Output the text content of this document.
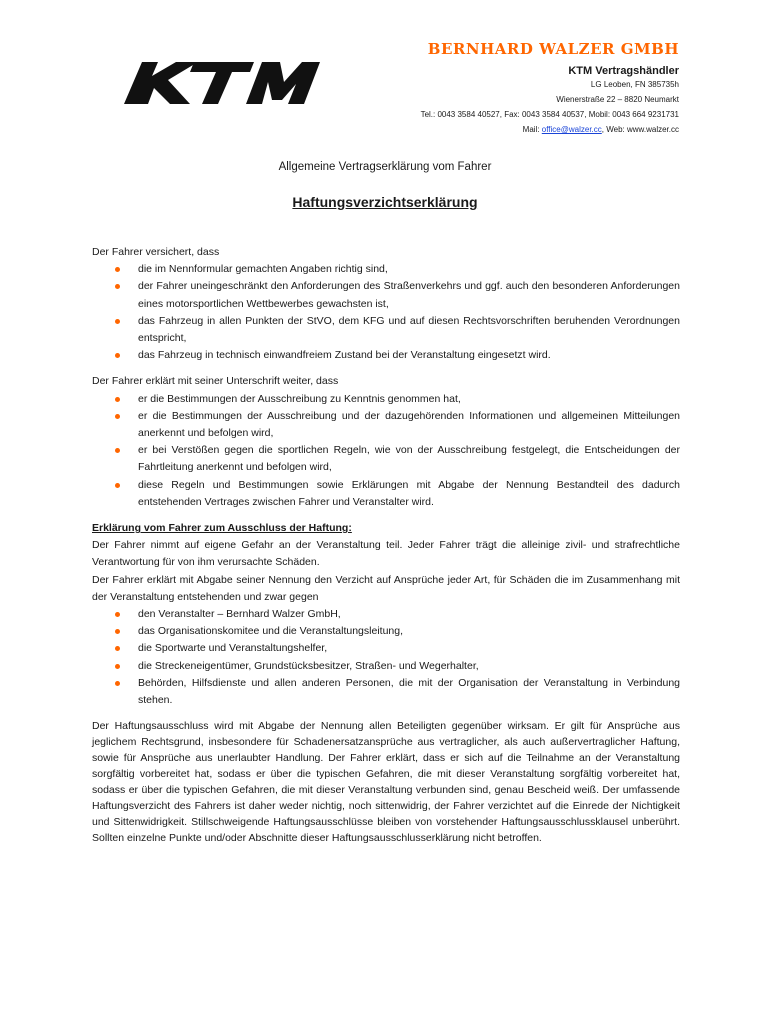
BERNHARD WALZER GMBH
KTM Vertragshändler
LG Leoben, FN 385735h
Wienerstraße 22 – 8820 Neumarkt
Tel.: 0043 3584 40527, Fax: 0043 3584 40537, Mobil: 0043 664 9231731
Mail: office@walzer.cc, Web: www.walzer.cc
Allgemeine Vertragserklärung vom Fahrer
Haftungsverzichtserklärung

Der Fahrer versichert, dass

die im Nennformular gemachten Angaben richtig sind,
der Fahrer uneingeschränkt den Anforderungen des Straßenverkehrs und ggf. auch den besonderen Anforderungen eines motorsportlichen Wettbewerbes gewachsten ist,
das Fahrzeug in allen Punkten der StVO, dem KFG und auf diesen Rechtsvorschriften beruhenden Verordnungen entspricht,
das Fahrzeug in technisch einwandfreiem Zustand bei der Veranstaltung eingesetzt wird.

Der Fahrer erklärt mit seiner Unterschrift weiter, dass

er die Bestimmungen der Ausschreibung zu Kenntnis genommen hat,
er die Bestimmungen der Ausschreibung und der dazugehörenden Informationen und allgemeinen Mitteilungen anerkennt und befolgen wird,
er bei Verstößen gegen die sportlichen Regeln, wie von der Ausschreibung festgelegt, die Entscheidungen der Fahrtleitung anerkennt und befolgen wird,
diese Regeln und Bestimmungen sowie Erklärungen mit Abgabe der Nennung Bestandteil des dadurch entstehenden Vertrages zwischen Fahrer und Veranstalter wird.

Erklärung vom Fahrer zum Ausschluss der Haftung:

Der Fahrer nimmt auf eigene Gefahr an der Veranstaltung teil. Jeder Fahrer trägt die alleinige zivil- und strafrechtliche Verantwortung für von ihm verursachte Schäden.

Der Fahrer erklärt mit Abgabe seiner Nennung den Verzicht auf Ansprüche jeder Art, für Schäden die im Zusammenhang mit der Veranstaltung entstehenden und zwar gegen

den Veranstalter – Bernhard Walzer GmbH,
das Organisationskomitee und die Veranstaltungsleitung,
die Sportwarte und Veranstaltungshelfer,
die Streckeneigentümer, Grundstücksbesitzer, Straßen- und Wegerhalter,
Behörden, Hilfsdienste und allen anderen Personen, die mit der Organisation der Veranstaltung in Verbindung stehen.

Der Haftungsausschluss wird mit Abgabe der Nennung allen Beteiligten gegenüber wirksam. Er gilt für Ansprüche aus jeglichem Rechtsgrund, insbesondere für Schadenersatzansprüche aus vertraglicher, als auch außervertraglicher Haftung, sowie für Ansprüche aus unerlaubter Handlung. Der Fahrer erklärt, dass er sich auf die Teilnahme an der Veranstaltung sorgfältig vorbereitet hat, sodass er über die typischen Gefahren, die mit dieser Veranstaltung sorgfältig vorbereitet hat, sodass er über die typischen Gefahren, die mit dieser Veranstaltung verbunden sind, genau Bescheid weiß. Der umfassende Haftungsverzicht des Fahrers ist daher weder nichtig, noch sittenwidrig, der Fahrer verzichtet auf die Einrede der Nichtigkeit und Sittenwidrigkeit. Stillschweigende Haftungsausschlüsse bleiben von vorstehender Haftungsausschlussklausel unberührt. Sollten einzelne Punkte und/oder Abschnitte dieser Haftungsausschlusserklärung nicht betroffen.
